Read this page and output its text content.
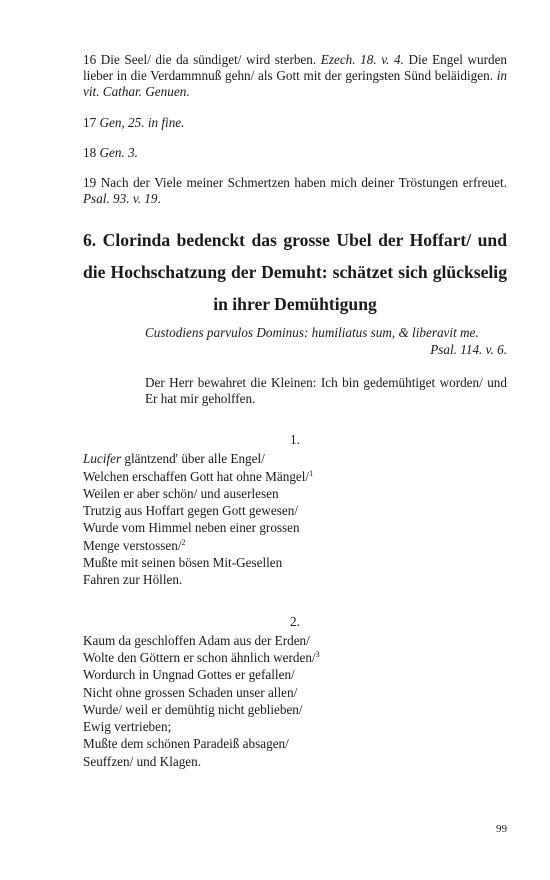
16 Die Seel/ die da sündiget/ wird sterben. Ezech. 18. v. 4. Die Engel wurden lieber in die Verdammnuß gehn/ als Gott mit der geringsten Sünd beläidigen. in vit. Cathar. Genuen.

17 Gen, 25. in fine.

18 Gen. 3.

19 Nach der Viele meiner Schmertzen haben mich deiner Tröstungen erfreuet. Psal. 93. v. 19.

6. Clorinda bedenckt das grosse Ubel der Hoffart/ und
die Hochschatzung der Demuht: schätzet sich glückselig
in ihrer Demühtigung
Custodiens parvulos Dominus: humiliatus sum, & liberavit me.
Psal. 114. v. 6.
Der Herr bewahret die Kleinen: Ich bin gedemühtiget worden/ und Er hat mir geholffen.
1.
Lucifer gläntzend' über alle Engel/
Welchen erschaffen Gott hat ohne Mängel/$^1$
Weilen er aber schön/ und auserlesen
Trutzig aus Hoffart gegen Gott gewesen/
Wurde vom Himmel neben einer grossen
Menge verstossen/$^2$
Mußte mit seinen bösen Mit-Gesellen
Fahren zur Höllen.
2.
Kaum da geschloffen Adam aus der Erden/
Wolte den Göttern er schon ähnlich werden/$^3$
Wordurch in Ungnad Gottes er gefallen/
Nicht ohne grossen Schaden unser allen/
Wurde/ weil er demühtig nicht geblieben/
Ewig vertrieben;
Mußte dem schönen Paradeiß absagen/
Seuffzen/ und Klagen.
99
